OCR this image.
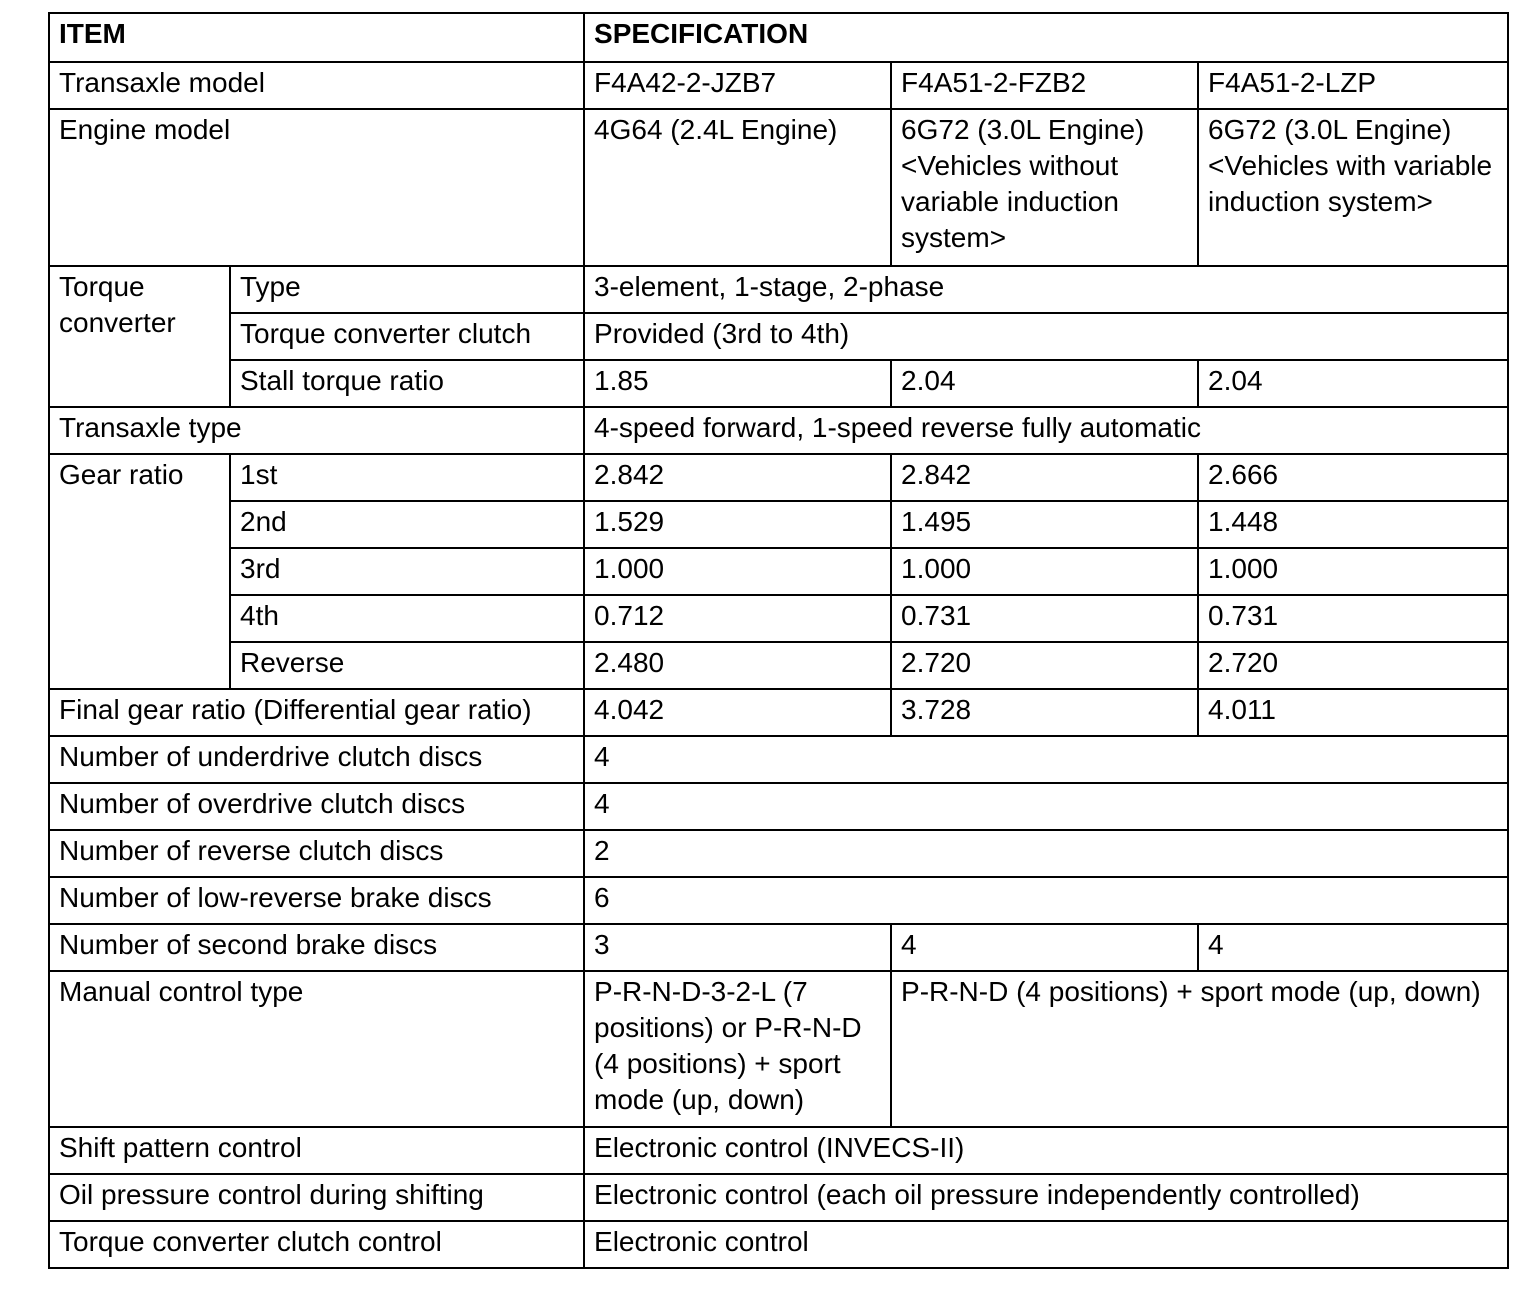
ITEM		SPECIFICATION		
Transaxle model		F4A42-2-JZB7	F4A51-2-FZB2	F4A51-2-LZP
Engine model		4G64 (2.4L Engine)	6G72 (3.0L Engine) <Vehicles without variable induction system>	6G72 (3.0L Engine) <Vehicles with variable induction system>
Torque converter	Type	3-element, 1-stage, 2-phase		
	Torque converter clutch	Provided (3rd to 4th)		
	Stall torque ratio	1.85	2.04	2.04
Transaxle type		4-speed forward, 1-speed reverse fully automatic		
Gear ratio	1st	2.842	2.842	2.666
	2nd	1.529	1.495	1.448
	3rd	1.000	1.000	1.000
	4th	0.712	0.731	0.731
	Reverse	2.480	2.720	2.720
Final gear ratio (Differential gear ratio)		4.042	3.728	4.011
Number of underdrive clutch discs		4		
Number of overdrive clutch discs		4		
Number of reverse clutch discs		2		
Number of low-reverse brake discs		6		
Number of second brake discs		3	4	4
Manual control type		P-R-N-D-3-2-L (7 positions) or P-R-N-D (4 positions) + sport mode (up, down)	P-R-N-D (4 positions) + sport mode (up, down)	
Shift pattern control		Electronic control (INVECS-II)		
Oil pressure control during shifting		Electronic control (each oil pressure independently controlled)		
Torque converter clutch control		Electronic control		
